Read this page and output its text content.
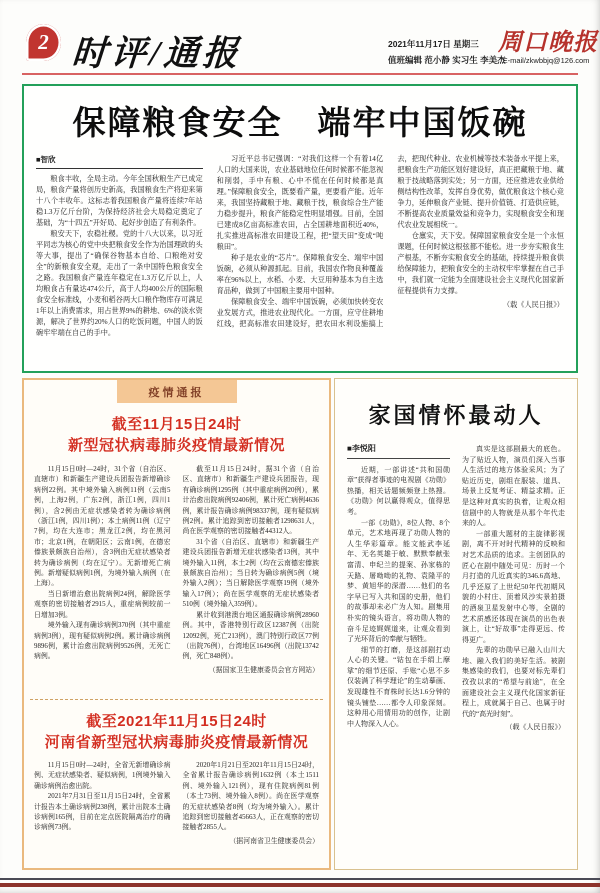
2 时评/通报	2021年11月17日 星期三
值班编辑 范小静 实习生 李美杰
周口晚报
E-mail/zkwbbjq@126.com
保障粮食安全　端牢中国饭碗
■智欣

粮食丰收，全局主动。今年全国秋粮生产已成定局，粮食产量将创历史新高，我国粮食生产将迎来第十八个丰收年。这标志着我国粮食产量将连续7年站稳1.3万亿斤台阶，为保持经济社会大局稳定奠定了基础，为“十四五”开好局、起好步创造了有利条件。

粮安天下，农稳社稷。党的十八大以来，以习近平同志为核心的党中央把粮食安全作为治国理政的头等大事，提出了“确保谷物基本自给、口粮绝对安全”的新粮食安全观，走出了一条中国特色粮食安全之路。我国粮食产量连年稳定在1.3万亿斤以上，人均粮食占有量达474公斤，高于人均400公斤的国际粮食安全标准线，小麦和稻谷两大口粮作物库存可满足1年以上消费需求，用占世界9%的耕地、6%的淡水资源，解决了世界约20%人口的吃饭问题，中国人的饭碗牢牢端在自己的手中。

习近平总书记强调：“对我们这样一个有着14亿人口的大国来说，农业基础地位任何时候都不能忽视和削弱，手中有粮、心中不慌在任何时候都是真理。”保障粮食安全，既要看产量，更要看产能。近年来，我国坚持藏粮于地、藏粮于技，粮食综合生产能力稳步提升，粮食产能稳定性明显增强。目前，全国已建成8亿亩高标准农田，占全国耕地面积近40%，扎实推进高标准农田建设工程，把“望天田”变成“吨粮田”。

种子是农业的“芯片”。保障粮食安全、端牢中国饭碗，必须从种源抓起。目前，我国农作物良种覆盖率在96%以上，水稻、小麦、大豆用种基本为自主选育品种，做到了中国粮主要用中国种。

保障粮食安全、端牢中国饭碗，必须加快转变农业发展方式，推进农业现代化。一方面，应守住耕地红线，把高标准农田建设好，把农田水利设施搞上去，把现代种业、农业机械等技术装备水平提上来，把粮食生产功能区划好建设好，真正把藏粮于地、藏粮于技战略落到实处；另一方面，还应推进农业供给侧结构性改革，发挥自身优势，做优粮食这个核心竞争力，延伸粮食产业链、提升价值链、打造供应链，不断提高农业质量效益和竞争力，实现粮食安全和现代农业发展相统一。

仓廪实，天下安。保障国家粮食安全是一个永恒课题，任何时候这根弦都不能松。进一步夯实粮食生产根基，不断夯实粮食安全的基础，持续提升粮食供给保障能力，把粮食安全的主动权牢牢掌握在自己手中，我们就一定能为全面建设社会主义现代化国家新征程提供有力支撑。

（载《人民日报》）
疫情通报
截至11月15日24时
新型冠状病毒肺炎疫情最新情况

11月15日0时—24时，31个省（自治区、直辖市）和新疆生产建设兵团报告新增确诊病例22例。其中境外输入病例11例（云南5例，上海2例，广东2例，浙江1例，四川1例），含2例由无症状感染者转为确诊病例（浙江1例，四川1例）；本土病例11例（辽宁7例，均在大连市；黑龙江2例，均在黑河市；北京1例，在朝阳区；云南1例，在德宏傣族景颇族自治州），含3例由无症状感染者转为确诊病例（均在辽宁）。无新增死亡病例。新增疑似病例1例，为境外输入病例（在上海）。

当日新增治愈出院病例24例，解除医学观察的密切接触者2915人，重症病例较前一日增加3例。

境外输入现有确诊病例370例（其中重症病例3例），现有疑似病例2例。累计确诊病例9896例，累计治愈出院病例9526例，无死亡病例。

截至11月15日24时，据31个省（自治区、直辖市）和新疆生产建设兵团报告，现有确诊病例1295例（其中重症病例20例），累计治愈出院病例92406例，累计死亡病例4636例，累计报告确诊病例98337例，现有疑似病例2例。累计追踪到密切接触者1298631人，尚在医学观察的密切接触者44312人。

31个省（自治区、直辖市）和新疆生产建设兵团报告新增无症状感染者13例，其中境外输入11例，本土2例（均在云南德宏傣族景颇族自治州）；当日转为确诊病例5例（境外输入2例）；当日解除医学观察19例（境外输入17例）；尚在医学观察的无症状感染者510例（境外输入359例）。

累计收到港澳台地区通报确诊病例28960例。其中，香港特别行政区12387例（出院12092例，死亡213例），澳门特别行政区77例（出院76例），台湾地区16496例（出院13742例，死亡848例）。

（据国家卫生健康委员会官方网站）
截至2021年11月15日24时
河南省新型冠状病毒肺炎疫情最新情况

11月15日0时—24时，全省无新增确诊病例、无症状感染者、疑似病例，1例境外输入确诊病例治愈出院。

2021年7月31日至11月15日24时，全省累计报告本土确诊病例238例，累计出院本土确诊病例165例，目前在定点医院隔离治疗的确诊病例73例。

2020年1月21日至2021年11月15日24时，全省累计报告确诊病例1632例（本土1511例、境外输入121例），现有住院病例81例（本土73例、境外输入8例）。尚在医学观察的无症状感染者8例（均为境外输入）。累计追踪到密切接触者45663人，正在观察的密切接触者2855人。

（据河南省卫生健康委员会）
家国情怀最动人
■李悦阳

近期，一部讲述“共和国勋章”获得者事迹的电视剧《功勋》热播，相关话题频频登上热搜。《功勋》何以赢得观众，值得思考。

一部《功勋》，8位人物、8个单元，艺术地再现了功勋人物的人生华彩篇章。能文能武李延年、无名英雄于敏、默默奉献张富清、申纪兰的提案、孙家栋的天路、屠呦呦的礼物、袁隆平的梦、黄旭华的深潜……他们的名字早已写入共和国的史册，他们的故事却未必广为人知。剧集用朴实的镜头语言，将功勋人物的奋斗足迹娓娓道来，让观众看到了光环背后的奉献与牺牲。

细节的打磨，是这部剧打动人心的关键。“钴包在手绢上摩挲”的细节还原、手账“心思不多仅装满了科学理论”的生动摹画、发现雄性不育株时长达1.6分钟的镜头铺垫……都令人印象深刻。这种用心用情用功的创作，让剧中人物深入人心。

真实是这部剧最大的底色。为了贴近人物，演员们深入当事人生活过的地方体验采风；为了贴近历史，剧组在服装、道具、场景上反复考证、精益求精。正是这种对真实的执着，让观众相信剧中的人物就是从那个年代走来的人。

一部重大题材的主旋律影视剧，离不开对时代精神的反映和对艺术品质的追求。主创团队的匠心在剧中随处可见：历时一个月打造的几近真实的346.6高地、几乎还原了上世纪50年代初期风貌的小村庄、顶着风沙实景拍摄的酒泉卫星发射中心等，全剧的艺术质感还体现在演员的出色表演上，让“好故事”走得更远、传得更广。

先辈的功勋早已融入山川大地、融入我们的美好生活。被剧集感染的我们，也要对标先辈们孜孜以求的“希望与前途”，在全面建设社会主义现代化国家新征程上，成就属于自己、也属于时代的“高光时刻”。

（载《人民日报》）
